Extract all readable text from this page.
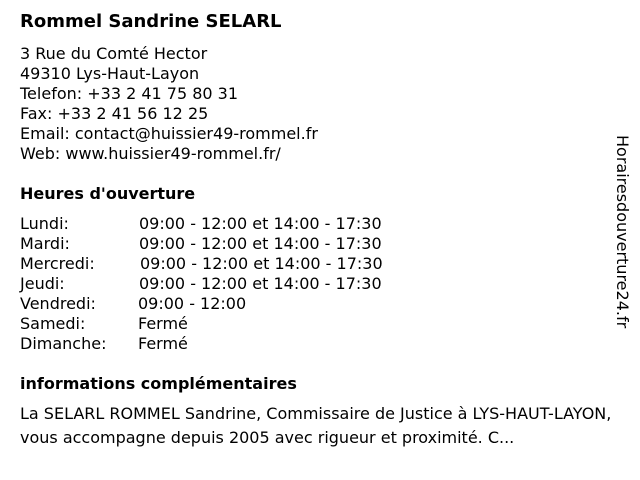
Rommel Sandrine SELARL
3 Rue du Comté Hector
49310 Lys-Haut-Layon
Telefon: +33 2 41 75 80 31
Fax: +33 2 41 56 12 25
Email: contact@huissier49-rommel.fr
Web: www.huissier49-rommel.fr/
Heures d'ouverture
Lundi:	09:00 - 12:00 et 14:00 - 17:30
Mardi:	09:00 - 12:00 et 14:00 - 17:30
Mercredi:	09:00 - 12:00 et 14:00 - 17:30
Jeudi:	09:00 - 12:00 et 14:00 - 17:30
Vendredi:	09:00 - 12:00
Samedi:	Fermé
Dimanche: Fermé
informations complémentaires
La SELARL ROMMEL Sandrine, Commissaire de Justice à LYS-HAUT-LAYON, vous accompagne depuis 2005 avec rigueur et proximité. C...
Horairesdouverture24.fr
